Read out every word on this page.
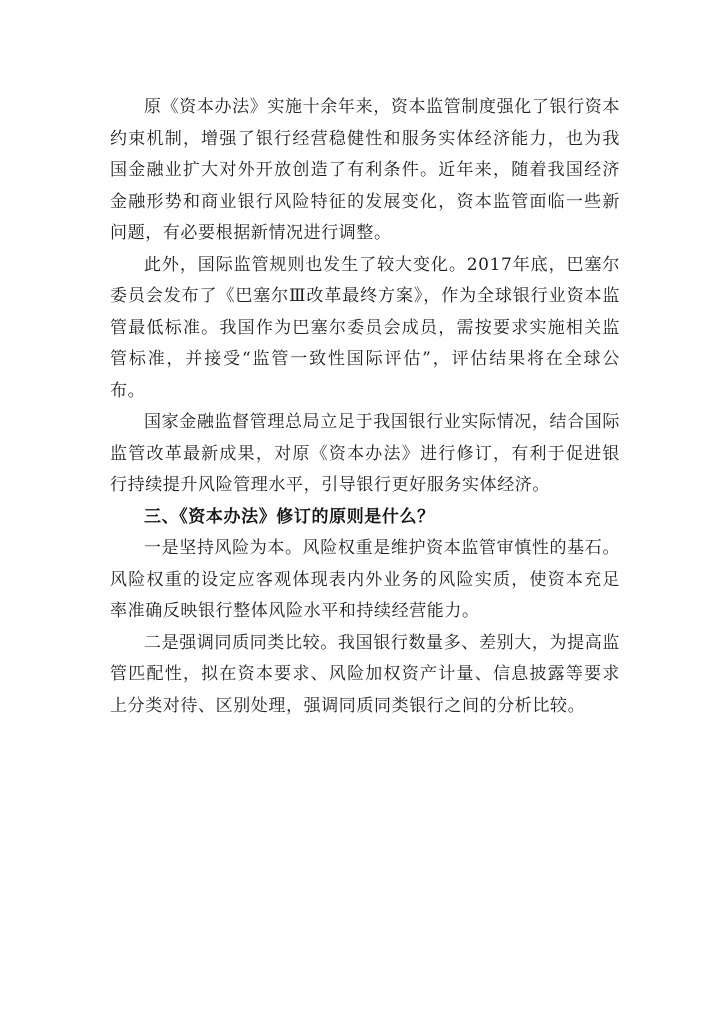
原《资本办法》实施十余年来，资本监管制度强化了银行资本约束机制，增强了银行经营稳健性和服务实体经济能力，也为我国金融业扩大对外开放创造了有利条件。近年来，随着我国经济金融形势和商业银行风险特征的发展变化，资本监管面临一些新问题，有必要根据新情况进行调整。

此外，国际监管规则也发生了较大变化。2017年底，巴塞尔委员会发布了《巴塞尔Ⅲ改革最终方案》，作为全球银行业资本监管最低标准。我国作为巴塞尔委员会成员，需按要求实施相关监管标准，并接受“监管一致性国际评估”，评估结果将在全球公布。

国家金融监督管理总局立足于我国银行业实际情况，结合国际监管改革最新成果，对原《资本办法》进行修订，有利于促进银行持续提升风险管理水平，引导银行更好服务实体经济。

三、《资本办法》修订的原则是什么？

一是坚持风险为本。风险权重是维护资本监管审慎性的基石。风险权重的设定应客观体现表内外业务的风险实质，使资本充足率准确反映银行整体风险水平和持续经营能力。

二是强调同质同类比较。我国银行数量多、差别大，为提高监管匹配性，拟在资本要求、风险加权资产计量、信息披露等要求上分类对待、区别处理，强调同质同类银行之间的分析比较。
